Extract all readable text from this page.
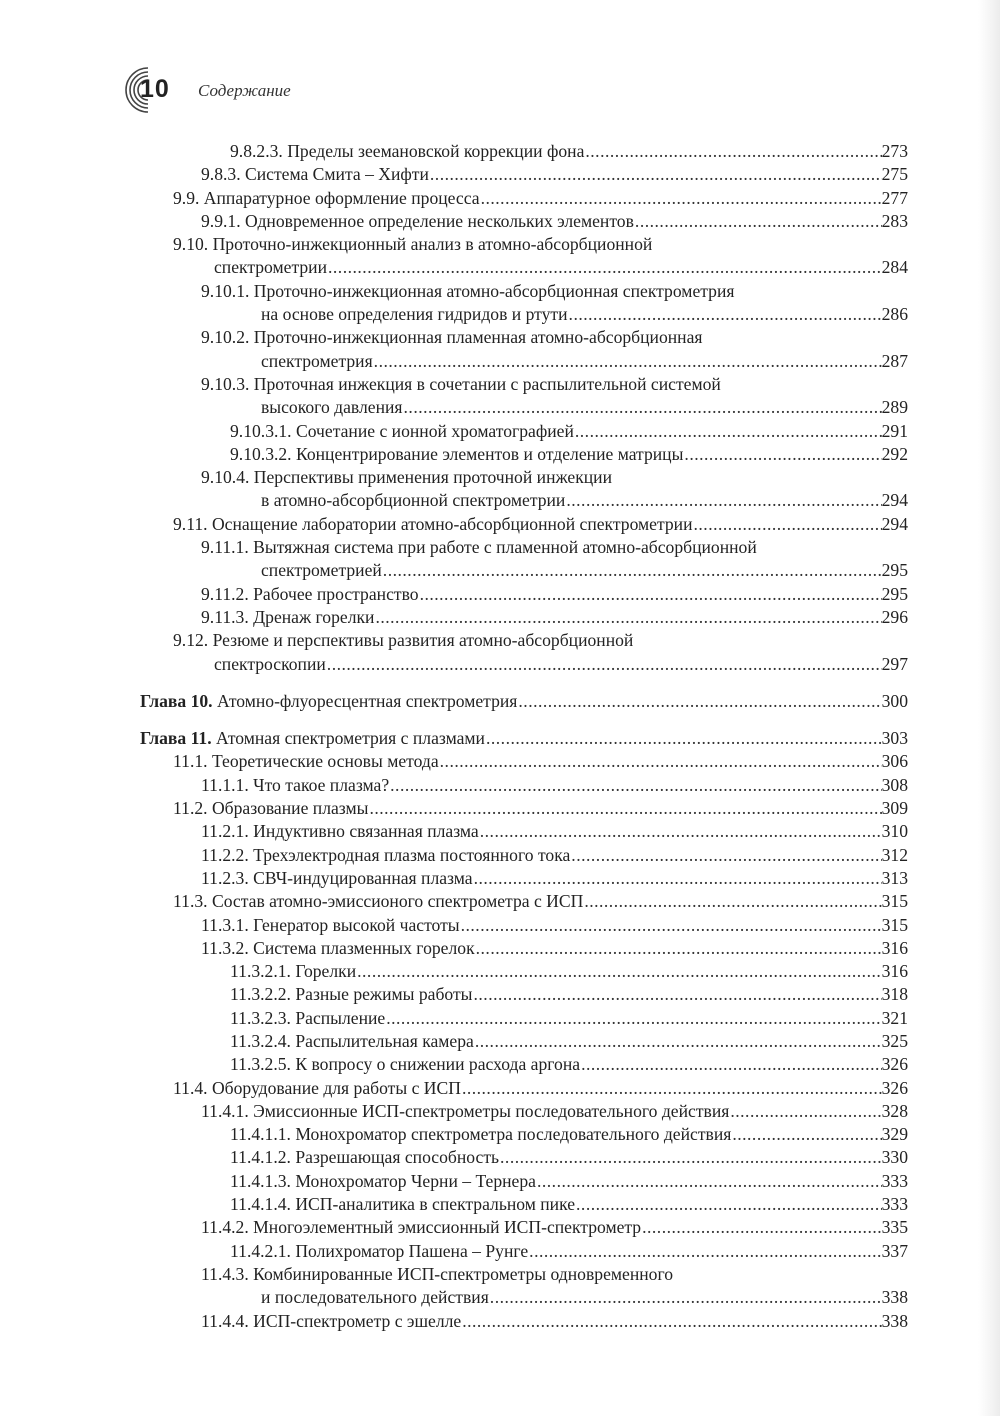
10 Содержание
9.8.2.3. Пределы зеемановской коррекции фона .....	273
9.8.3. Система Смита – Хифти .....	275
9.9. Аппаратурное оформление процесса .....	277
9.9.1. Одновременное определение нескольких элементов .....	283
9.10. Проточно-инжекционный анализ в атомно-абсорбционной
спектрометрии .....	284
9.10.1. Проточно-инжекционная атомно-абсорбционная спектрометрия
на основе определения гидридов и ртути .....	286
9.10.2. Проточно-инжекционная пламенная атомно-абсорбционная
спектрометрия .....	287
9.10.3. Проточная инжекция в сочетании с распылительной системой
высокого давления .....	289
9.10.3.1. Сочетание с ионной хроматографией .....	291
9.10.3.2. Концентрирование элементов и отделение матрицы .....	292
9.10.4. Перспективы применения проточной инжекции
в атомно-абсорбционной спектрометрии .....	294
9.11. Оснащение лаборатории атомно-абсорбционной спектрометрии .....	294
9.11.1. Вытяжная система при работе с пламенной атомно-абсорбционной
спектрометрией .....	295
9.11.2. Рабочее пространство .....	295
9.11.3. Дренаж горелки .....	296
9.12. Резюме и перспективы развития атомно-абсорбционной
спектроскопии .....	297
Глава 10. Атомно-флуоресцентная спектрометрия .....	300
Глава 11. Атомная спектрометрия с плазмами .....	303
11.1. Теоретические основы метода .....	306
11.1.1. Что такое плазма? .....	308
11.2. Образование плазмы .....	309
11.2.1. Индуктивно связанная плазма .....	310
11.2.2. Трехэлектродная плазма постоянного тока .....	312
11.2.3. СВЧ-индуцированная плазма .....	313
11.3. Состав атомно-эмиссионого спектрометра с ИСП .....	315
11.3.1. Генератор высокой частоты .....	315
11.3.2. Система плазменных горелок .....	316
11.3.2.1. Горелки .....	316
11.3.2.2. Разные режимы работы .....	318
11.3.2.3. Распыление .....	321
11.3.2.4. Распылительная камера .....	325
11.3.2.5. К вопросу о снижении расхода аргона .....	326
11.4. Оборудование для работы с ИСП .....	326
11.4.1. Эмиссионные ИСП-спектрометры последовательного действия .....	328
11.4.1.1. Монохроматор спектрометра последовательного действия .....	329
11.4.1.2. Разрешающая способность .....	330
11.4.1.3. Монохроматор Черни – Тернера .....	333
11.4.1.4. ИСП-аналитика в спектральном пике .....	333
11.4.2. Многоэлементный эмиссионный ИСП-спектрометр .....	335
11.4.2.1. Полихроматор Пашена – Рунге .....	337
11.4.3. Комбинированные ИСП-спектрометры одновременного
и последовательного действия .....	338
11.4.4. ИСП-спектрометр с эшелле .....	338
